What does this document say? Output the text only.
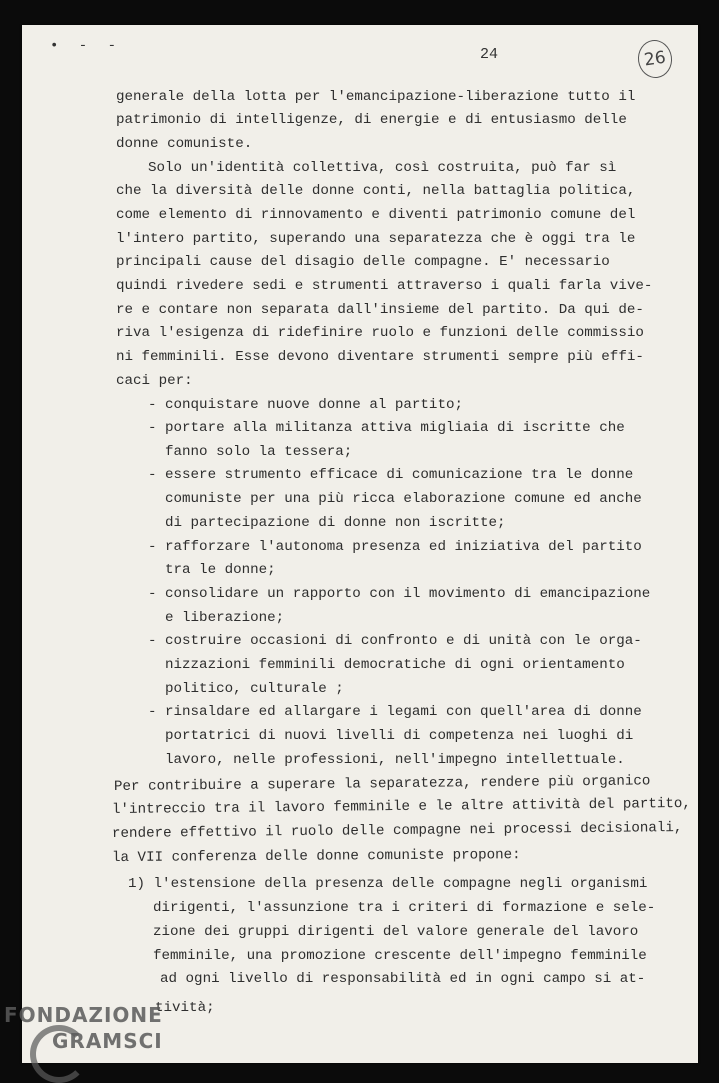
• - -	24	26
generale della lotta per l'emancipazione-liberazione tutto il
patrimonio di intelligenze, di energie e di entusiasmo delle
donne comuniste.
Solo un'identità collettiva, così costruita, può far sì
che la diversità delle donne conti, nella battaglia politica,
come elemento di rinnovamento e diventi patrimonio comune del
l'intero partito, superando una separatezza che è oggi tra le
principali cause del disagio delle compagne. E' necessario
quindi rivedere sedi e strumenti attraverso i quali farla vive-
re e contare non separata dall'insieme del partito. Da qui de-
riva l'esigenza di ridefinire ruolo e funzioni delle commissio
ni femminili. Esse devono diventare strumenti sempre più effi-
caci per:
- conquistare nuove donne al partito;
- portare alla militanza attiva migliaia di iscritte che
fanno solo la tessera;
- essere strumento efficace di comunicazione tra le donne
comuniste per una più ricca elaborazione comune ed anche
di partecipazione di donne non iscritte;
- rafforzare l'autonoma presenza ed iniziativa del partito
tra le donne;
- consolidare un rapporto con il movimento di emancipazione
e liberazione;
- costruire occasioni di confronto e di unità con le orga-
nizzazioni femminili democratiche di ogni orientamento
politico, culturale ;
- rinsaldare ed allargare i legami con quell'area di donne
portatrici di nuovi livelli di competenza nei luoghi di
lavoro, nelle professioni, nell'impegno intellettuale.
Per contribuire a superare la separatezza, rendere più organico
l'intreccio tra il lavoro femminile e le altre attività del partito,
rendere effettivo il ruolo delle compagne nei processi decisionali,
la VII conferenza delle donne comuniste propone:
1) l'estensione della presenza delle compagne negli organismi
dirigenti, l'assunzione tra i criteri di formazione e sele-
zione dei gruppi dirigenti del valore generale del lavoro
femminile, una promozione crescente dell'impegno femminile
ad ogni livello di responsabilità ed in ogni campo si at-
tività;
FONDAZIONE
GRAMSCI
